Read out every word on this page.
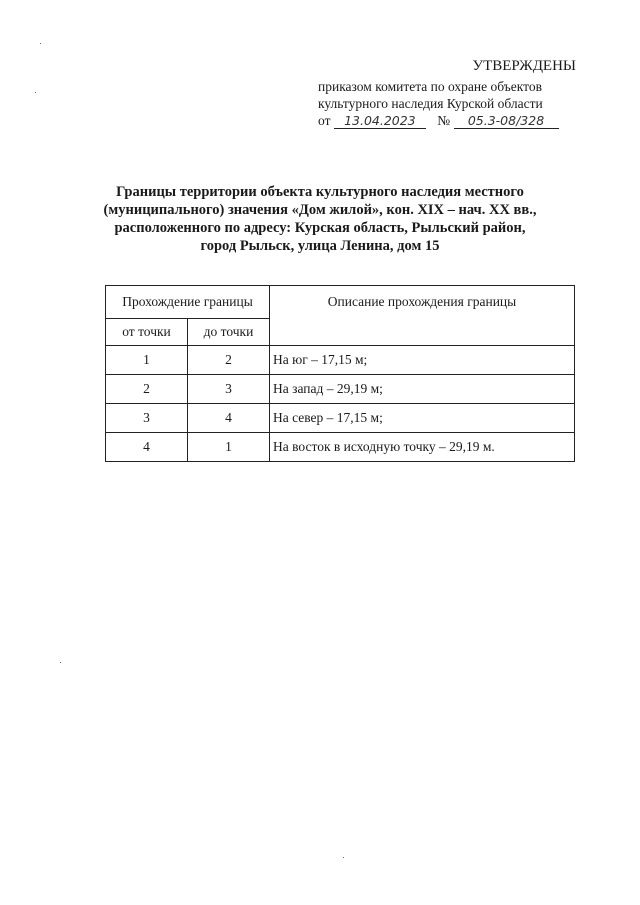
УТВЕРЖДЕНЫ
приказом комитета по охране объектов
культурного наследия Курской области
от 13.04.2023 № 05.3-08/328
Границы территории объекта культурного наследия местного
(муниципального) значения «Дом жилой», кон. XIX – нач. XX вв.,
расположенного по адресу: Курская область, Рыльский район,
город Рыльск, улица Ленина, дом 15
Прохождение границы		Описание прохождения границы
от точки	до точки	
1	2	На юг – 17,15 м;
2	3	На запад – 29,19 м;
3	4	На север – 17,15 м;
4	1	На восток в исходную точку – 29,19 м.
